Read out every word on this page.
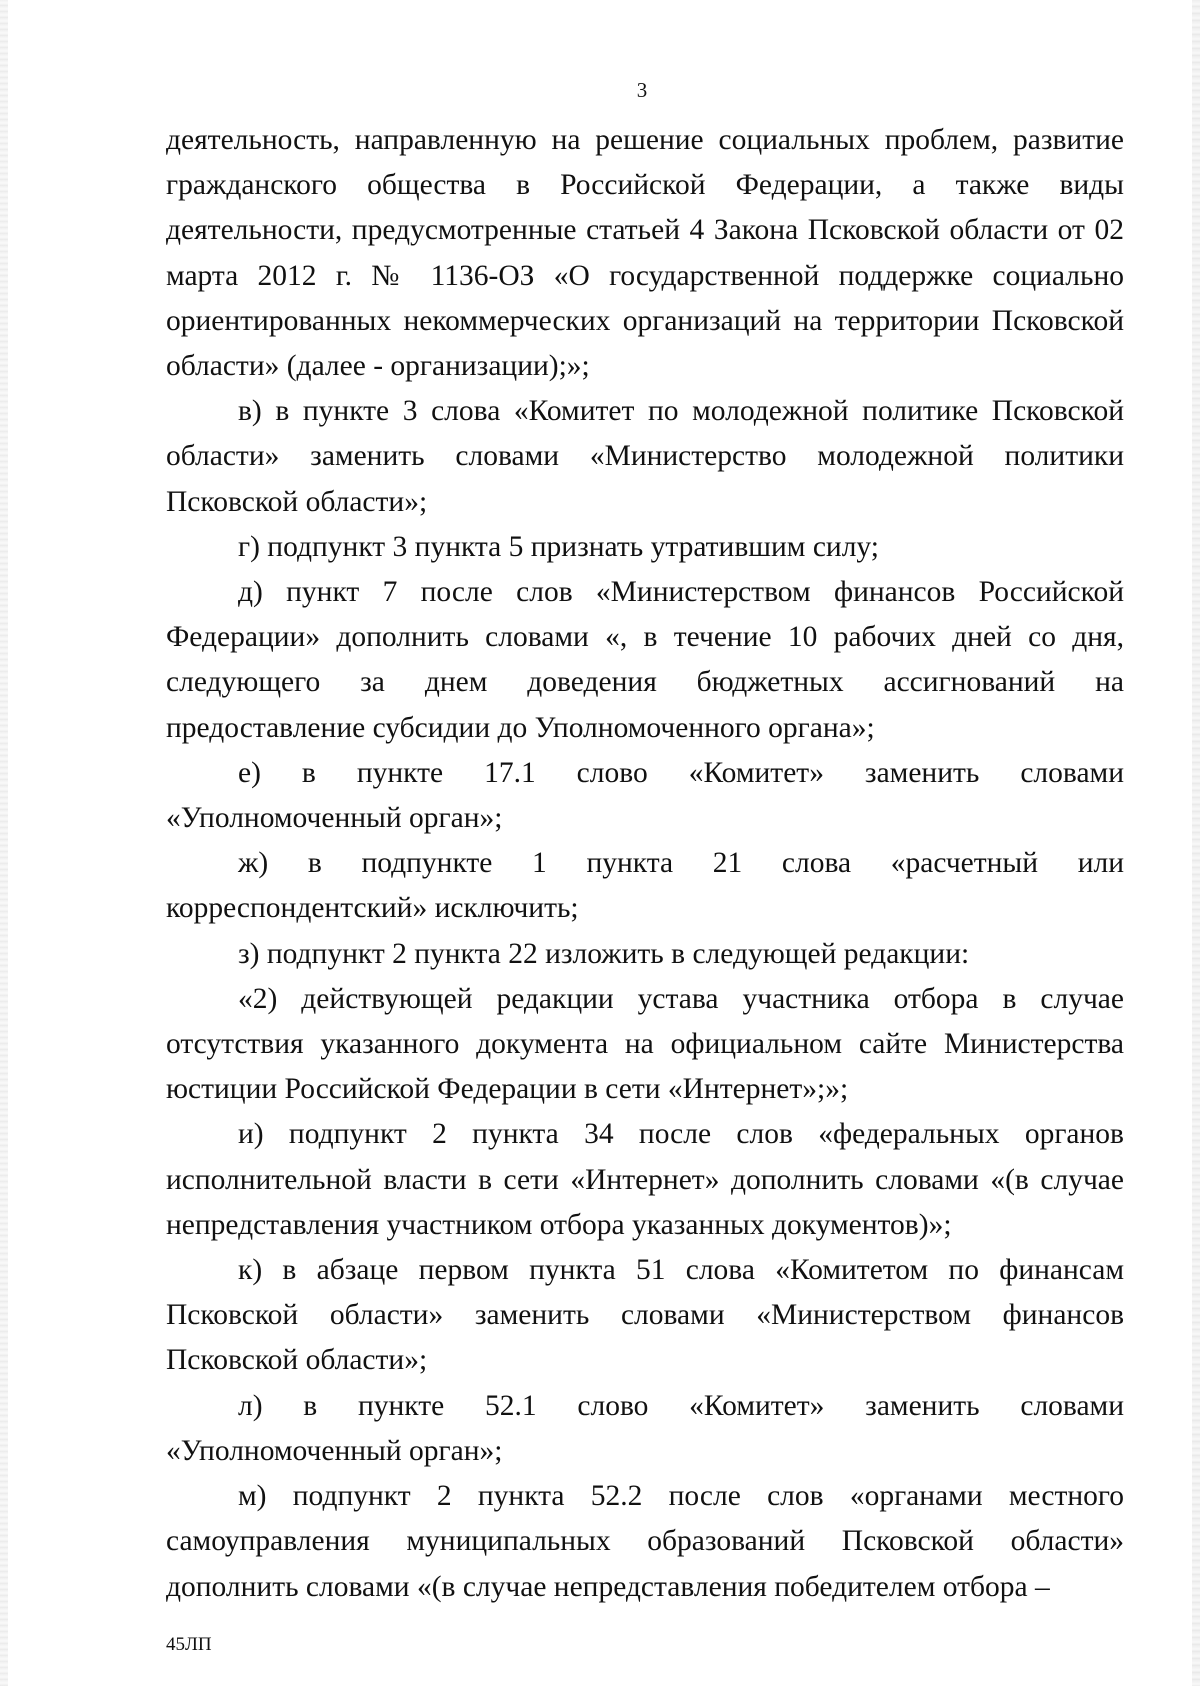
3

деятельность, направленную на решение социальных проблем, развитие гражданского общества в Российской Федерации, а также виды деятельности, предусмотренные статьей 4 Закона Псковской области от 02 марта 2012 г. № 1136-ОЗ «О государственной поддержке социально ориентированных некоммерческих организаций на территории Псковской области» (далее - организации);»;

в) в пункте 3 слова «Комитет по молодежной политике Псковской области» заменить словами «Министерство молодежной политики Псковской области»;

г) подпункт 3 пункта 5 признать утратившим силу;

д) пункт 7 после слов «Министерством финансов Российской Федерации» дополнить словами «, в течение 10 рабочих дней со дня, следующего за днем доведения бюджетных ассигнований на предоставление субсидии до Уполномоченного органа»;

е) в пункте 17.1 слово «Комитет» заменить словами «Уполномоченный орган»;

ж) в подпункте 1 пункта 21 слова «расчетный или корреспондентский» исключить;

з) подпункт 2 пункта 22 изложить в следующей редакции:

«2) действующей редакции устава участника отбора в случае отсутствия указанного документа на официальном сайте Министерства юстиции Российской Федерации в сети «Интернет»;»;

и) подпункт 2 пункта 34 после слов «федеральных органов исполнительной власти в сети «Интернет» дополнить словами «(в случае непредставления участником отбора указанных документов)»;

к) в абзаце первом пункта 51 слова «Комитетом по финансам Псковской области» заменить словами «Министерством финансов Псковской области»;

л) в пункте 52.1 слово «Комитет» заменить словами «Уполномоченный орган»;

м) подпункт 2 пункта 52.2 после слов «органами местного самоуправления муниципальных образований Псковской области» дополнить словами «(в случае непредставления победителем отбора –

45ЛП
